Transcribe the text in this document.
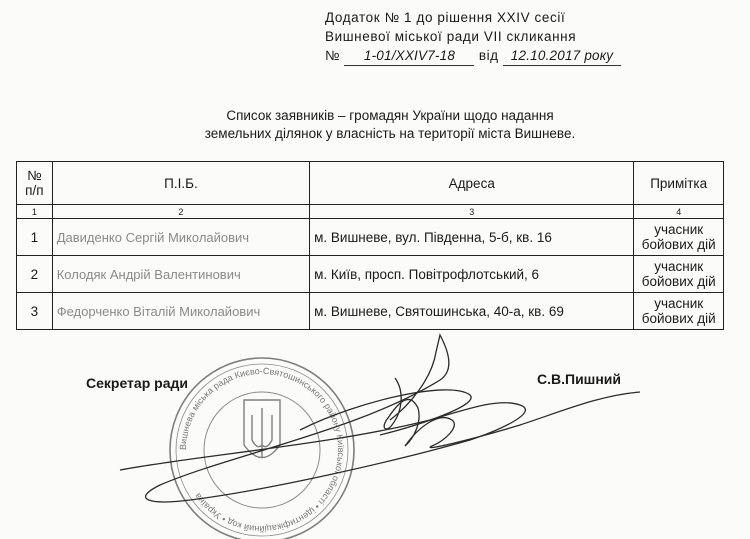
Додаток № 1 до рішення XXIV сесії
Вишневої міської ради VII скликання
№ 1-01/XXIV7-18 від 12.10.2017 року
Список заявників – громадян України щодо надання
земельних ділянок у власність на території міста Вишневе.
№ п/п	П.І.Б.	Адреса	Примітка
1	2	3	4
1	Давиденко Сергій Миколайович	м. Вишневе, вул. Південна, 5-б, кв. 16	учасник бойових дій
2	Колодяк Андрій Валентинович	м. Київ, просп. Повітрофлотський, 6	учасник бойових дій
3	Федорченко Віталій Миколайович	м. Вишневе, Святошинська, 40-а, кв. 69	учасник бойових дій
Секретар ради	С.В.Пишний
Вишнева міська рада Києво-Святошинського району Київської області • ідентифікаційний код • Україна
